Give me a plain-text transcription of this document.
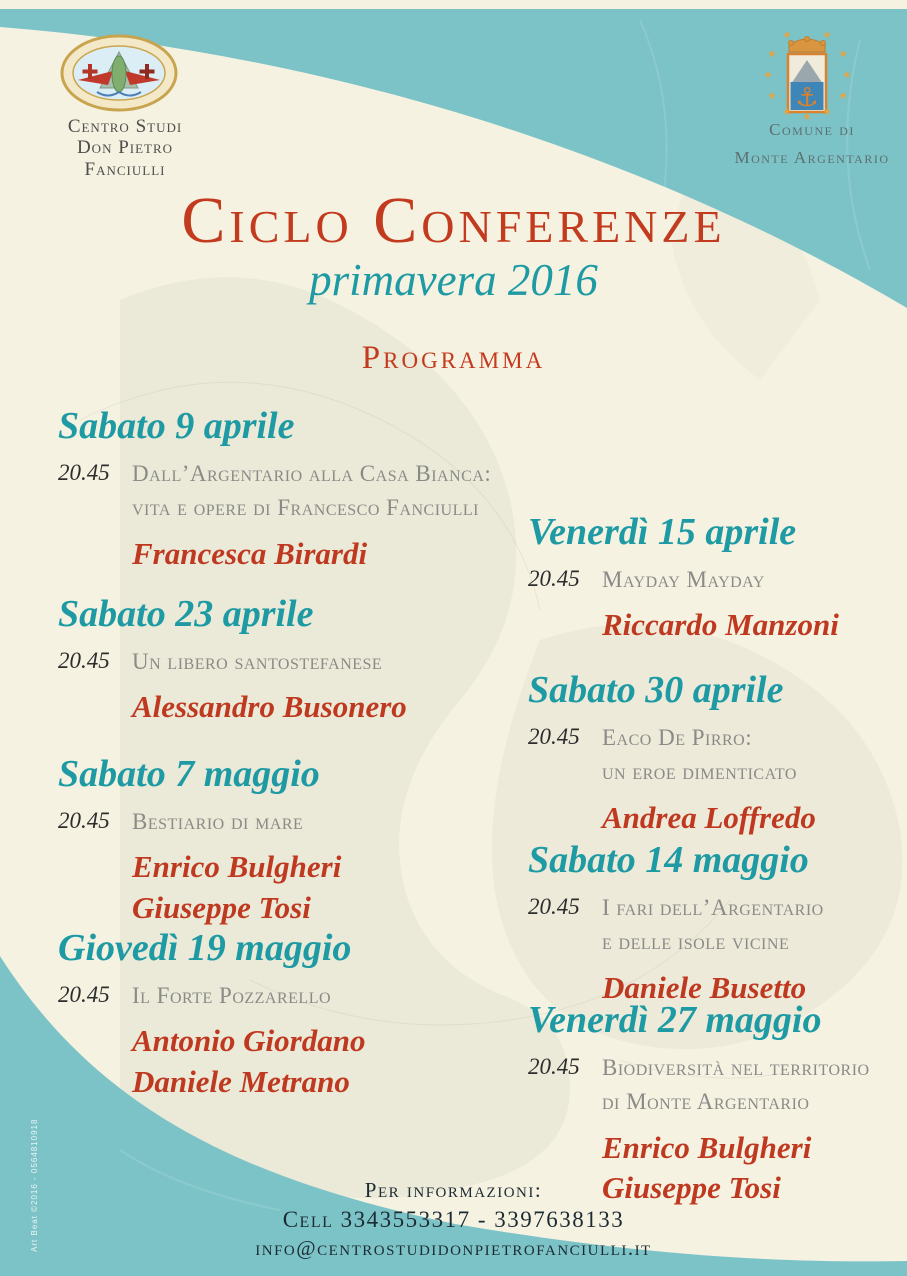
⚓
★	★
★	★
★	★
★	★
★ ★ ★
Centro Studi
Don Pietro Fanciulli
Comune di
Monte Argentario
Ciclo Conferenze
primavera 2016
Programma
Sabato 9 aprile
20.45 Dall’Argentario alla Casa Bianca:
vita e opere di Francesco Fanciulli
Francesca Birardi
Sabato 23 aprile
20.45 Un libero santostefanese
Alessandro Busonero
Sabato 7 maggio
20.45 Bestiario di mare
Enrico Bulgheri
Giuseppe Tosi
Giovedì 19 maggio
20.45 Il Forte Pozzarello
Antonio Giordano
Daniele Metrano
Venerdì 15 aprile
20.45 Mayday Mayday
Riccardo Manzoni
Sabato 30 aprile
20.45 Eaco De Pirro:
un eroe dimenticato
Andrea Loffredo
Sabato 14 maggio
20.45 I fari dell’Argentario
e delle isole vicine
Daniele Busetto
Venerdì 27 maggio
20.45 Biodiversità nel territorio
di Monte Argentario
Enrico Bulgheri
Giuseppe Tosi
Per informazioni:
Cell 3343553317 - 3397638133
info@centrostudidonpietrofanciulli.it
Art Beat ©2016 - 0564810918
